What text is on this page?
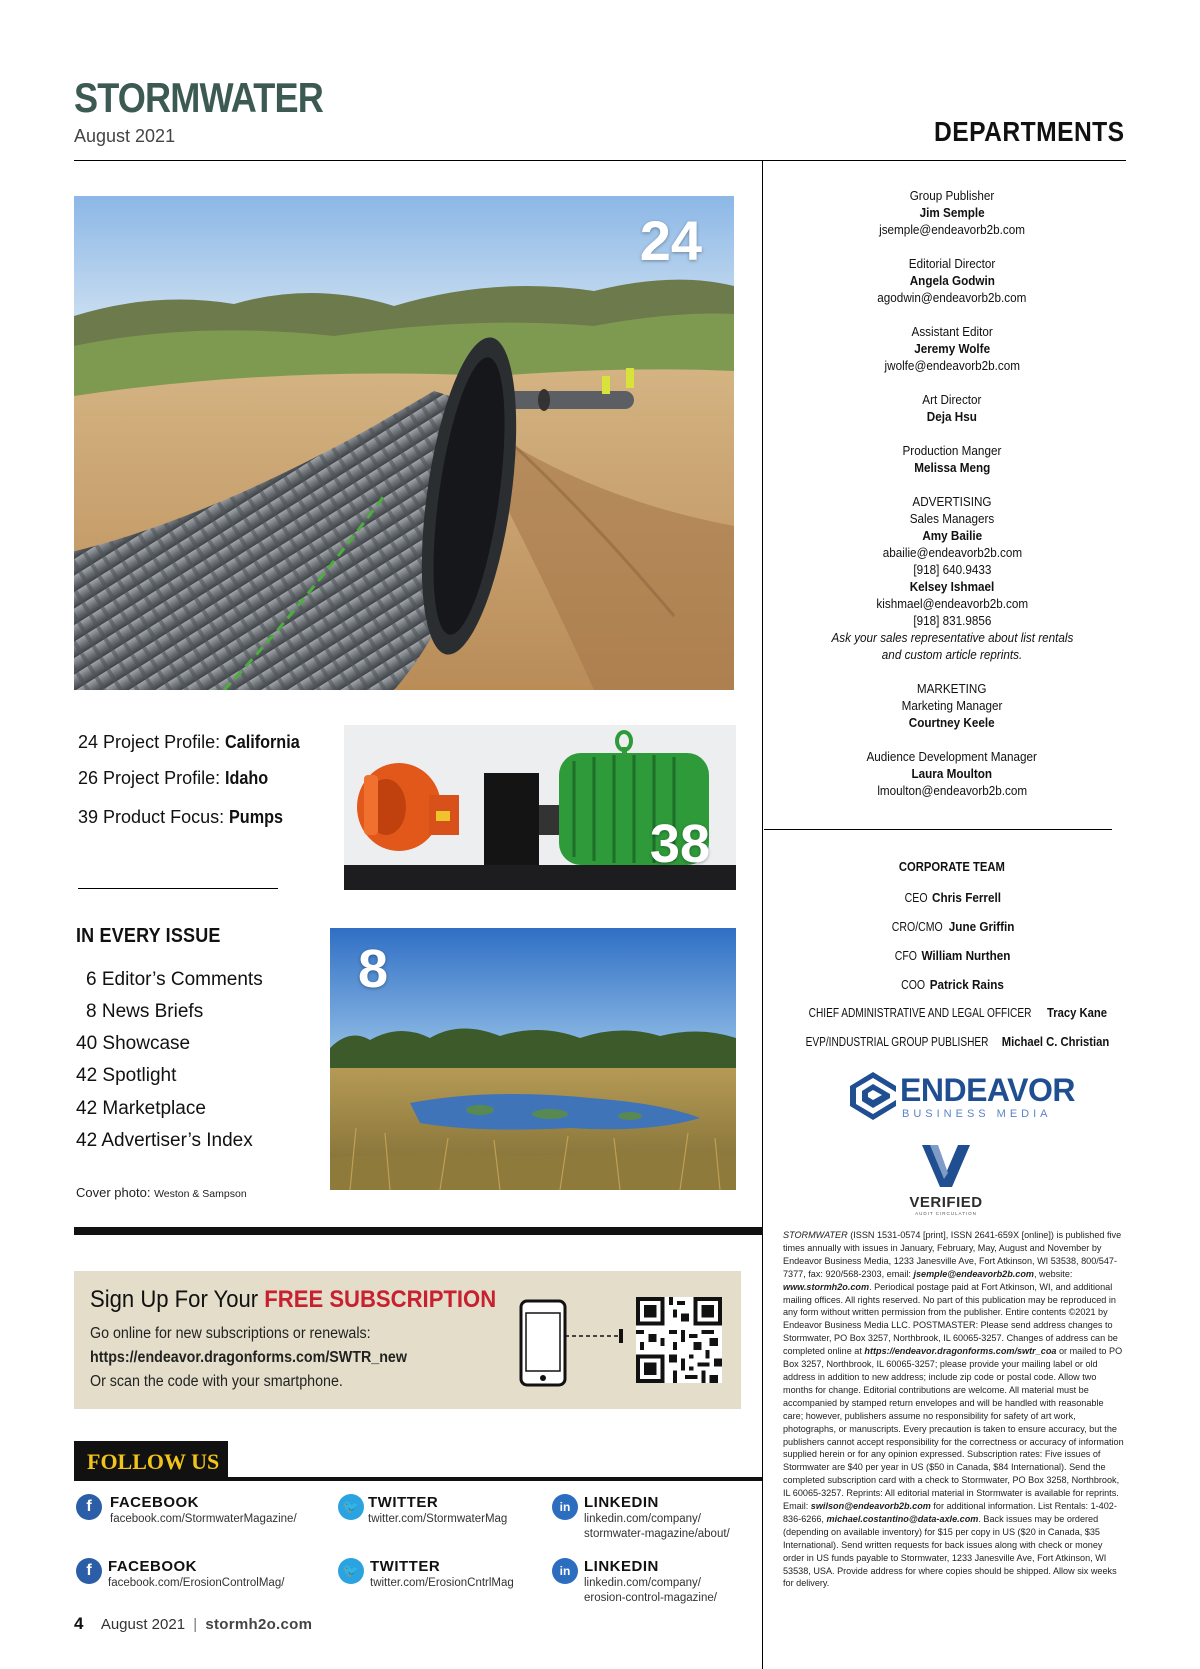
STORMWATER
August 2021	DEPARTMENTS
24
24 Project Profile: California
26 Project Profile: Idaho
39 Product Focus: Pumps	38
IN EVERY ISSUE
6 Editor’s Comments
8 News Briefs
40 Showcase
42 Spotlight
42 Marketplace
42 Advertiser’s Index
Cover photo: Weston & Sampson
8
Sign Up For Your FREE SUBSCRIPTION
Go online for new subscriptions or renewals:
https://endeavor.dragonforms.com/SWTR_new
Or scan the code with your smartphone.
FOLLOW US
f	FACEBOOK
facebook.com/StormwaterMagazine/
🐦 TWITTER
twitter.com/StormwaterMag
in LINKEDIN
linkedin.com/company/
stormwater-magazine/about/
f	FACEBOOK
facebook.com/ErosionControlMag/
🐦 TWITTER
twitter.com/ErosionCntrlMag
in LINKEDIN
linkedin.com/company/
erosion-control-magazine/
4 August 2021 | stormh2o.com
Group Publisher
Jim Semple
jsemple@endeavorb2b.com
Editorial Director
Angela Godwin
agodwin@endeavorb2b.com
Assistant Editor
Jeremy Wolfe
jwolfe@endeavorb2b.com
Art Director
Deja Hsu
Production Manger
Melissa Meng
ADVERTISING
Sales Managers
Amy Bailie
abailie@endeavorb2b.com
[918] 640.9433
Kelsey Ishmael
kishmael@endeavorb2b.com
[918] 831.9856
Ask your sales representative about list rentals
and custom article reprints.
MARKETING
Marketing Manager
Courtney Keele
Audience Development Manager
Laura Moulton
lmoulton@endeavorb2b.com
CORPORATE TEAM
CEO Chris Ferrell
CRO/CMO June Griffin
CFO William Nurthen
COO Patrick Rains
CHIEF ADMINISTRATIVE AND LEGAL OFFICER Tracy Kane
EVP/INDUSTRIAL GROUP PUBLISHER Michael C. Christian
ENDEAVOR
BUSINESS MEDIA
VERIFIED
AUDIT CIRCULATION
STORMWATER (ISSN 1531-0574 [print], ISSN 2641-659X [online]) is published five times annually with issues in January, February, May, August and November by Endeavor Business Media, 1233 Janesville Ave, Fort Atkinson, WI 53538, 800/547-7377, fax: 920/568-2303, email: jsemple@endeavorb2b.com, website: www.stormh2o.com. Periodical postage paid at Fort Atkinson, WI, and additional mailing offices. All rights reserved. No part of this publication may be reproduced in any form without written permission from the publisher. Entire contents ©2021 by Endeavor Business Media LLC. POSTMASTER: Please send address changes to Stormwater, PO Box 3257, Northbrook, IL 60065-3257. Changes of address can be completed online at https://endeavor.dragonforms.com/swtr_coa or mailed to PO Box 3257, Northbrook, IL 60065-3257; please provide your mailing label or old address in addition to new address; include zip code or postal code. Allow two months for change. Editorial contributions are welcome. All material must be accompanied by stamped return envelopes and will be handled with reasonable care; however, publishers assume no responsibility for safety of art work, photographs, or manuscripts. Every precaution is taken to ensure accuracy, but the publishers cannot accept responsibility for the correctness or accuracy of information supplied herein or for any opinion expressed. Subscription rates: Five issues of Stormwater are $40 per year in US ($50 in Canada, $84 International). Send the completed subscription card with a check to Stormwater, PO Box 3258, Northbrook, IL 60065-3257. Reprints: All editorial material in Stormwater is available for reprints. Email: swilson@endeavorb2b.com for additional information. List Rentals: 1-402-836-6266, michael.costantino@data-axle.com. Back issues may be ordered (depending on available inventory) for $15 per copy in US ($20 in Canada, $35 International). Send written requests for back issues along with check or money order in US funds payable to Stormwater, 1233 Janesville Ave, Fort Atkinson, WI 53538, USA. Provide address for where copies should be shipped. Allow six weeks for delivery.
